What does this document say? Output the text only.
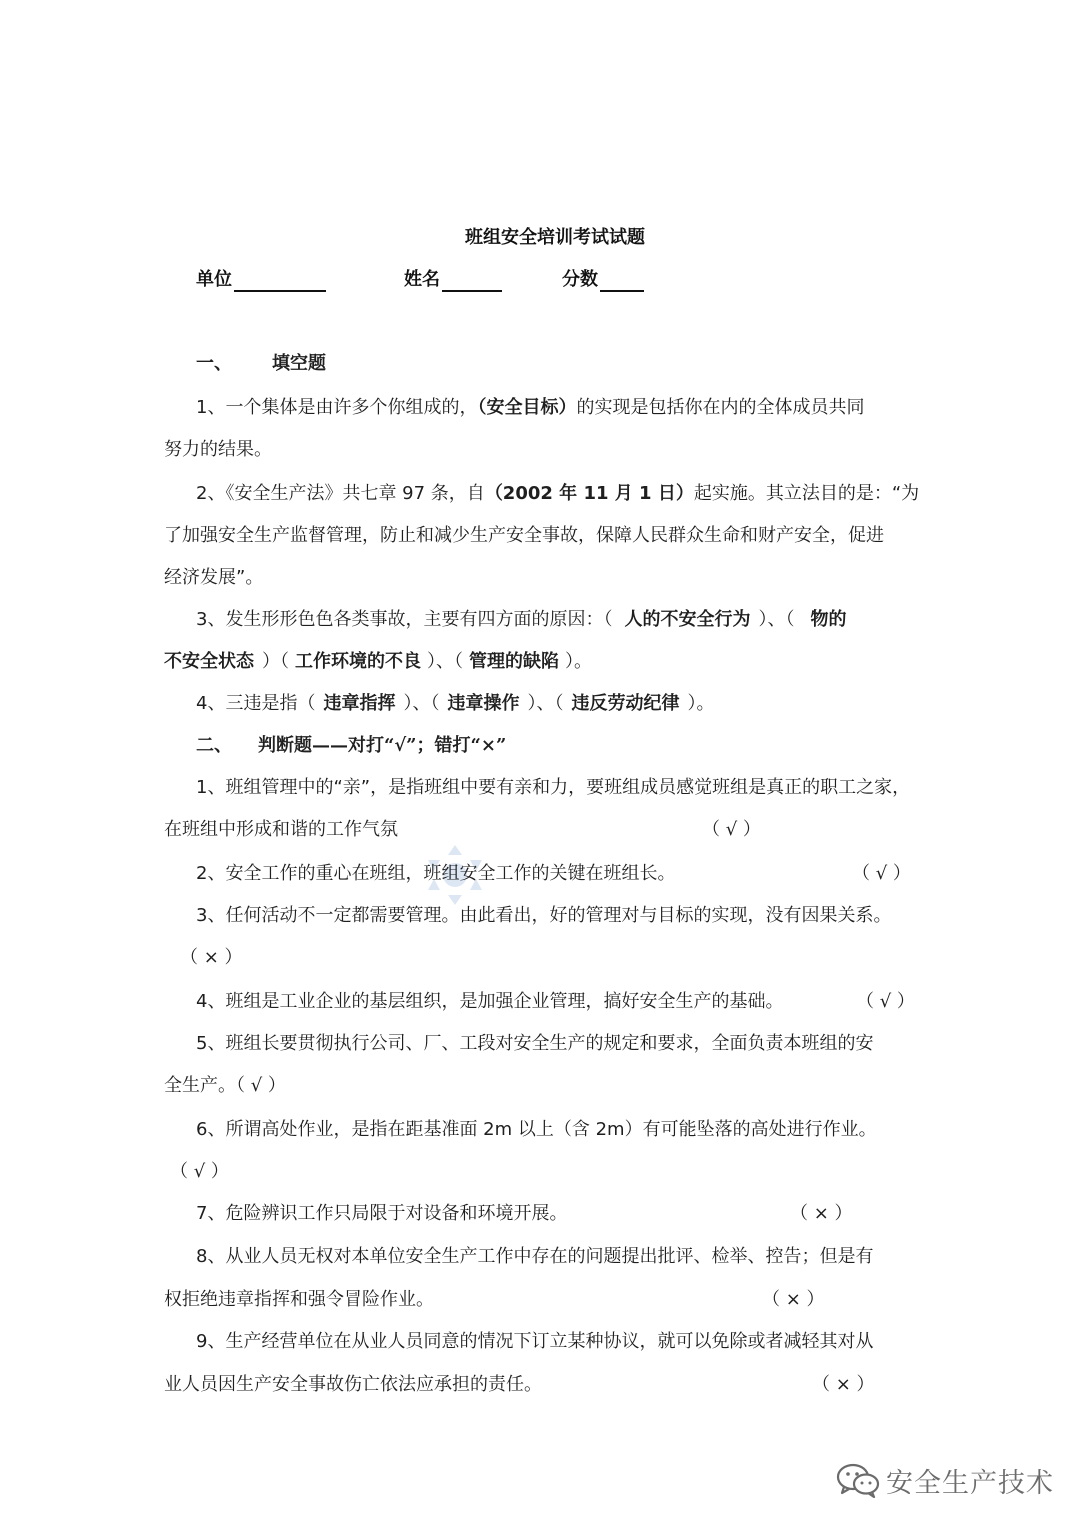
班组安全培训考试试题
单位	姓名	分数
一、 填空题
1、一个集体是由许多个你组成的，（安全目标）的实现是包括你在内的全体成员共同
努力的结果。
2、《安全生产法》共七章 97 条，自（2002 年 11 月 1 日）起实施。其立法目的是：“为
了加强安全生产监督管理，防止和减少生产安全事故，保障人民群众生命和财产安全，促进
经济发展”。
3、发生形形色色各类事故，主要有四方面的原因：（ 人的不安全行为 ）、（ 物的
不安全状态 ）（ 工作环境的不良 ）、（ 管理的缺陷 ）。
4、三违是指（ 违章指挥 ）、（ 违章操作 ）、（ 违反劳动纪律 ）。
二、 判断题——对打“√”；错打“×”
1、班组管理中的“亲”，是指班组中要有亲和力，要班组成员感觉班组是真正的职工之家，
在班组中形成和谐的工作气氛	（ √ ）
2、安全工作的重心在班组，班组安全工作的关键在班组长。	（ √ ）
3、任何活动不一定都需要管理。由此看出，好的管理对与目标的实现，没有因果关系。
（ × ）
4、班组是工业企业的基层组织，是加强企业管理，搞好安全生产的基础。	（ √ ）
5、班组长要贯彻执行公司、厂、工段对安全生产的规定和要求，全面负责本班组的安
全生产。（ √ ）
6、所谓高处作业，是指在距基准面 2m 以上（含 2m）有可能坠落的高处进行作业。
（ √ ）
7、危险辨识工作只局限于对设备和环境开展。	（ × ）
8、从业人员无权对本单位安全生产工作中存在的问题提出批评、检举、控告；但是有
权拒绝违章指挥和强令冒险作业。	（ × ）
9、生产经营单位在从业人员同意的情况下订立某种协议，就可以免除或者减轻其对从
业人员因生产安全事故伤亡依法应承担的责任。	（ × ）
安全生产技术
